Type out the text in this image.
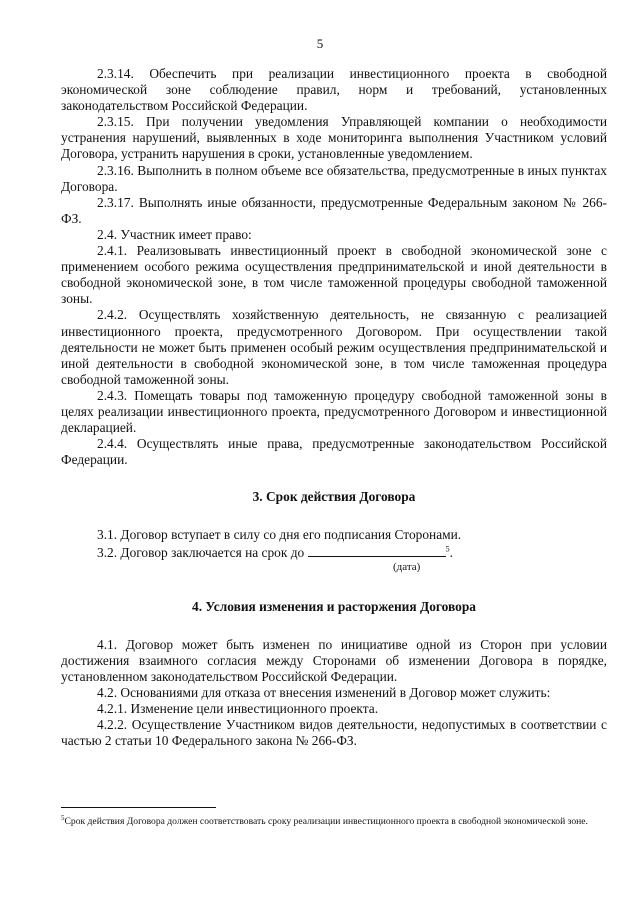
5

2.3.14. Обеспечить при реализации инвестиционного проекта в свободной экономической зоне соблюдение правил, норм и требований, установленных законодательством Российской Федерации.

2.3.15. При получении уведомления Управляющей компании о необходимости устранения нарушений, выявленных в ходе мониторинга выполнения Участником условий Договора, устранить нарушения в сроки, установленные уведомлением.

2.3.16. Выполнить в полном объеме все обязательства, предусмотренные в иных пунктах Договора.

2.3.17. Выполнять иные обязанности, предусмотренные Федеральным законом № 266-ФЗ.

2.4. Участник имеет право:

2.4.1. Реализовывать инвестиционный проект в свободной экономической зоне с применением особого режима осуществления предпринимательской и иной деятельности в свободной экономической зоне, в том числе таможенной процедуры свободной таможенной зоны.

2.4.2. Осуществлять хозяйственную деятельность, не связанную с реализацией инвестиционного проекта, предусмотренного Договором. При осуществлении такой деятельности не может быть применен особый режим осуществления предпринимательской и иной деятельности в свободной экономической зоне, в том числе таможенная процедура свободной таможенной зоны.

2.4.3. Помещать товары под таможенную процедуру свободной таможенной зоны в целях реализации инвестиционного проекта, предусмотренного Договором и инвестиционной декларацией.

2.4.4. Осуществлять иные права, предусмотренные законодательством Российской Федерации.

3. Срок действия Договора

3.1. Договор вступает в силу со дня его подписания Сторонами.

3.2. Договор заключается на срок до	$^5$.

(дата)

4. Условия изменения и расторжения Договора

4.1. Договор может быть изменен по инициативе одной из Сторон при условии достижения взаимного согласия между Сторонами об изменении Договора в порядке, установленном законодательством Российской Федерации.

4.2. Основаниями для отказа от внесения изменений в Договор может служить:

4.2.1. Изменение цели инвестиционного проекта.

4.2.2. Осуществление Участником видов деятельности, недопустимых в соответствии с частью 2 статьи 10 Федерального закона № 266-ФЗ.

$^5$Срок действия Договора должен соответствовать сроку реализации инвестиционного проекта в свободной экономической зоне.
